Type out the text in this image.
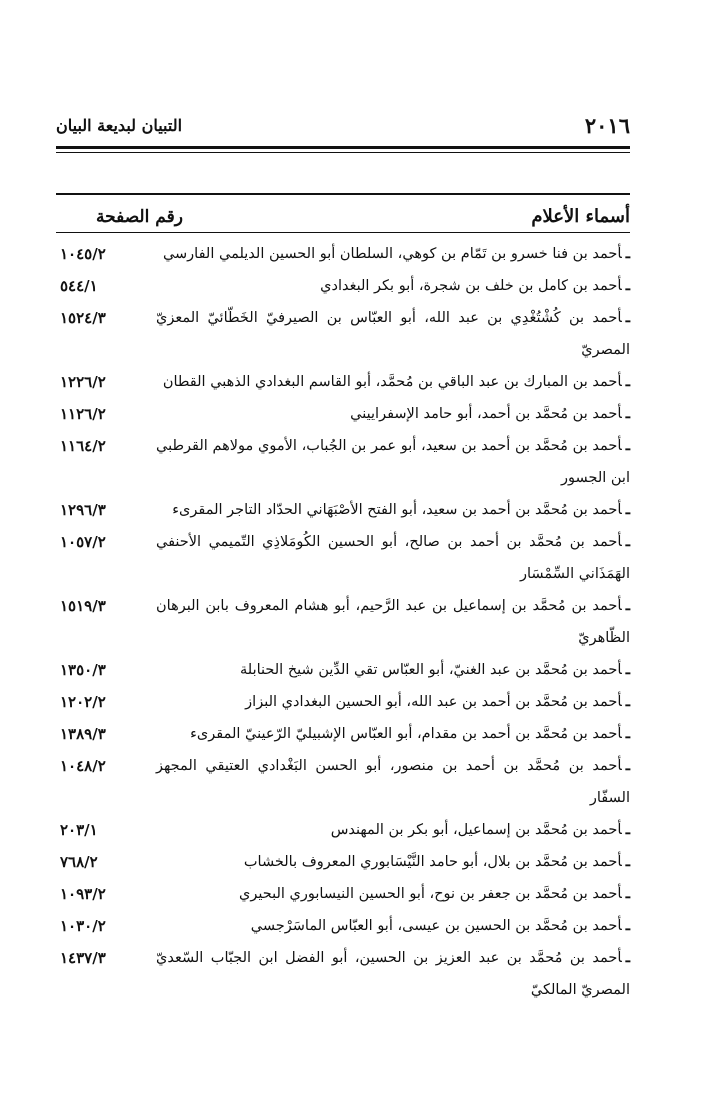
٢٠١٦
التبيان لبديعة البيان
أسماء الأعلام
رقم الصفحة
ـأحمد بن فنا خسرو بن تَمّام بن كوهي، السلطان أبو الحسين الديلمي الفارسي
١٠٤٥/٢
ـأحمد بن كامل بن خلف بن شجرة، أبو بكر البغدادي
٥٤٤/١
ـأحمد بن كُشْتُغْدِي بن عبد الله، أبو العبّاس بن الصيرفيّ الخَطّائيّ المعزيّ المصريّ
١٥٢٤/٣
ـأحمد بن المبارك بن عبد الباقي بن مُحمَّد، أبو القاسم البغدادي الذهبي القطان
١٢٢٦/٢
ـأحمد بن مُحمَّد بن أحمد، أبو حامد الإسفراييني
١١٢٦/٢
ـأحمد بن مُحمَّد بن أحمد بن سعيد، أبو عمر بن الجُباب، الأموي مولاهم القرطبي ابن الجسور
١١٦٤/٢
ـأحمد بن مُحمَّد بن أحمد بن سعيد، أبو الفتح الأصْبَهَاني الحدّاد التاجر المقرىء
١٢٩٦/٣
ـأحمد بن مُحمَّد بن أحمد بن صالح، أبو الحسين الكُومَلاذِي التّميمي الأحنفي الهَمَذَاني السِّمْسَار
١٠٥٧/٢
ـأحمد بن مُحمَّد بن إسماعيل بن عبد الرَّحيم، أبو هشام المعروف بابن البرهان الظّاهريّ
١٥١٩/٣
ـأحمد بن مُحمَّد بن عبد الغنيّ، أبو العبّاس تقي الدِّين شيخ الحنابلة
١٣٥٠/٣
ـأحمد بن مُحمَّد بن أحمد بن عبد الله، أبو الحسين البغدادي البزاز
١٢٠٢/٢
ـأحمد بن مُحمَّد بن أحمد بن مقدام، أبو العبّاس الإشبيليّ الرّعينيّ المقرىء
١٣٨٩/٣
ـأحمد بن مُحمَّد بن أحمد بن منصور، أبو الحسن البَغْدادي العتيقي المجهز السفّار
١٠٤٨/٢
ـأحمد بن مُحمَّد بن إسماعيل، أبو بكر بن المهندس
٢٠٣/١
ـأحمد بن مُحمَّد بن بلال، أبو حامد النَّيْسَابوري المعروف بالخشاب
٧٦٨/٢
ـأحمد بن مُحمَّد بن جعفر بن نوح، أبو الحسين النيسابوري البحيري
١٠٩٣/٢
ـأحمد بن مُحمَّد بن الحسين بن عيسى، أبو العبّاس الماسَرْجسي
١٠٣٠/٢
ـأحمد بن مُحمَّد بن عبد العزيز بن الحسين، أبو الفضل ابن الجبّاب السّعديّ المصريّ المالكيّ
١٤٣٧/٣
